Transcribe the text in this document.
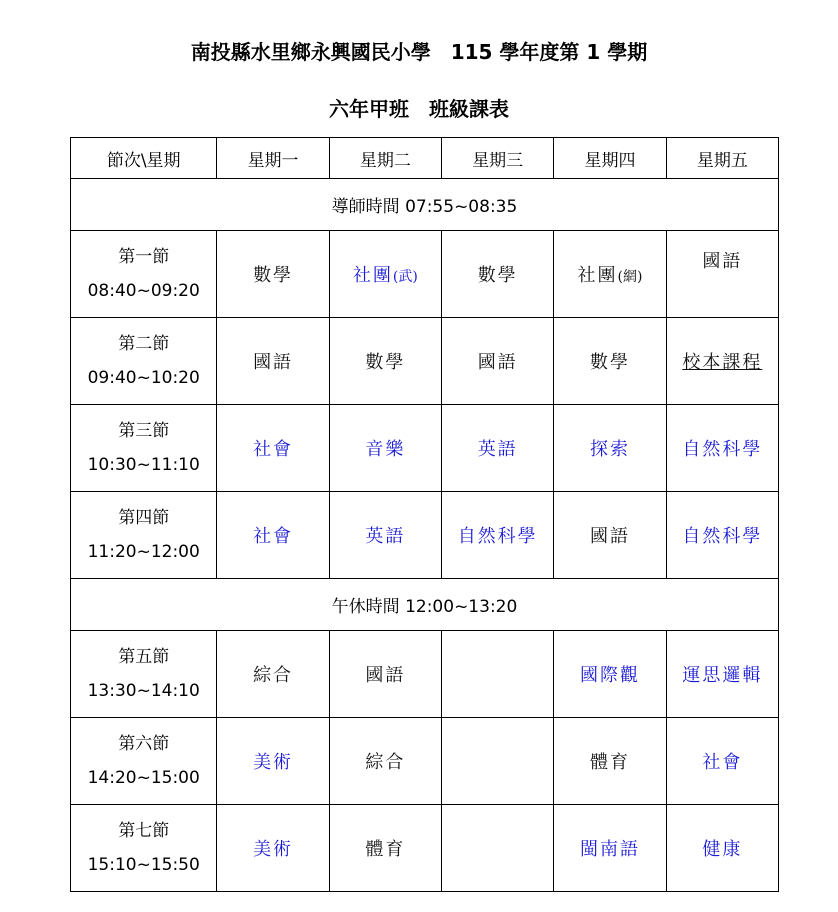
南投縣水里鄉永興國民小學　115 學年度第 1 學期
六年甲班　班級課表
節次\星期	星期一	星期二	星期三	星期四	星期五
導師時間 07:55~08:35					

第一節
08:40~09:20	數學	社團(武)	數學	社團(網)	國語

第二節
09:40~10:20	國語	數學	國語	數學	校本課程

第三節
10:30~11:10	社會	音樂	英語	探索	自然科學

第四節
11:20~12:00	社會	英語	自然科學	國語	自然科學
午休時間 12:00~13:20					

第五節
13:30~14:10	綜合	國語		國際觀	運思邏輯

第六節
14:20~15:00	美術	綜合		體育	社會

第七節
15:10~15:50	美術	體育		閩南語	健康
